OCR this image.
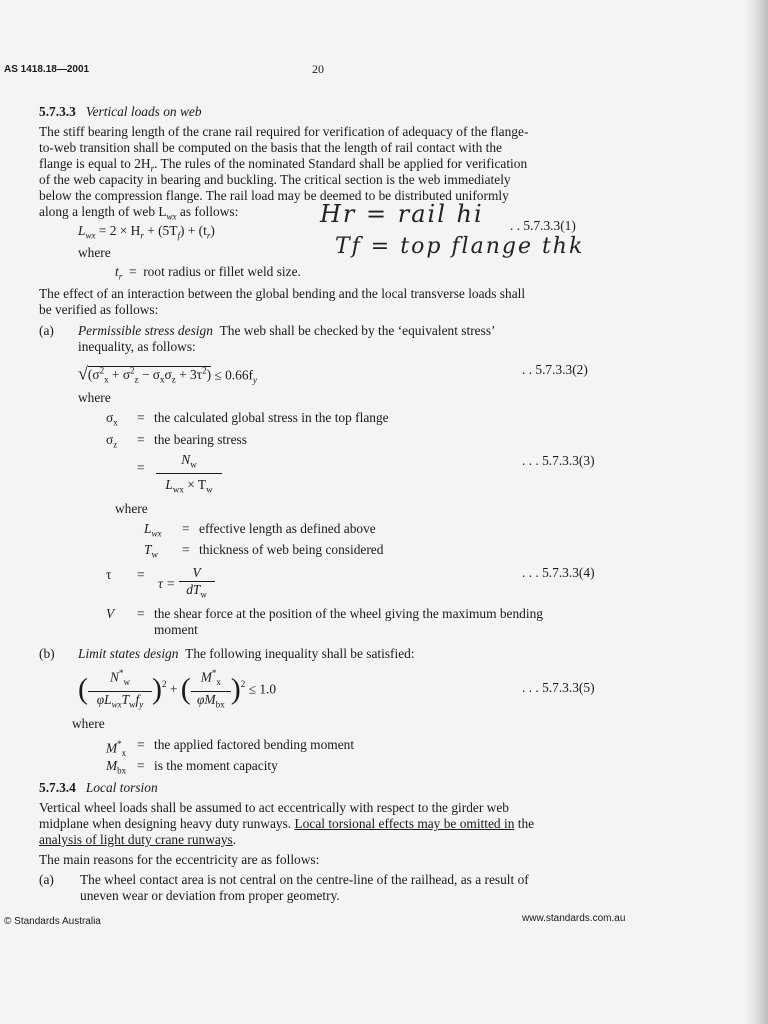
AS 1418.18—2001	20
5.7.3.3 Vertical loads on web
The stiff bearing length of the crane rail required for verification of adequacy of the flange-
to-web transition shall be computed on the basis that the length of rail contact with the
flange is equal to $2H_r$. The rules of the nominated Standard shall be applied for verification
of the web capacity in bearing and buckling. The critical section is the web immediately
below the compression flange. The rail load may be deemed to be distributed uniformly
along a length of web $L_{wx}$ as follows:
$L_{wx} = 2 \times H_r + (5T_f) + (t_r)$	. . 5.7.3.3(1)
Hr = rail hi
Tf = top flange thk
where
$t_r$ = root radius or fillet weld size.
The effect of an interaction between the global bending and the local transverse loads shall
be verified as follows:
(a) Permissible stress design The web shall be checked by the ‘equivalent stress’
inequality, as follows:
$√(\sigma^2_x + \sigma^2_z - \sigma_x\sigma_z + 3\tau^2) \le 0.66f_y$
. . 5.7.3.3(2)
where
$\sigma_x$ = the calculated global stress in the top flange
$\sigma_z$ = the bearing stress
= $\frac{N_w}{L_{wx} \times T_w}$	. . . 5.7.3.3(3)
where
$L_{wx}$ = effective length as defined above
$T_w$ = thickness of web being considered
τ =
$\tau = \frac{V}{dT_w}$	. . . 5.7.3.3(4)
V = the shear force at the position of the wheel giving the maximum bending
moment
(b) Limit states design The following inequality shall be satisfied:
( $\frac{N^*_w}{\varphi L_{wx}T_wf_y} )^2$ + ( $\frac{M^*_x}{\varphi M_{bx}} )^2 \le 1.0$	. . . 5.7.3.3(5)
where
$M^*_x$
= the applied factored bending moment
$M_{bx}$ = is the moment capacity
5.7.3.4 Local torsion
Vertical wheel loads shall be assumed to act eccentrically with respect to the girder web
midplane when designing heavy duty runways. Local torsional effects may be omitted in the
analysis of light duty crane runways.
The main reasons for the eccentricity are as follows:
(a) The wheel contact area is not central on the centre-line of the railhead, as a result of
uneven wear or deviation from proper geometry.
© Standards Australia	www.standards.com.au
